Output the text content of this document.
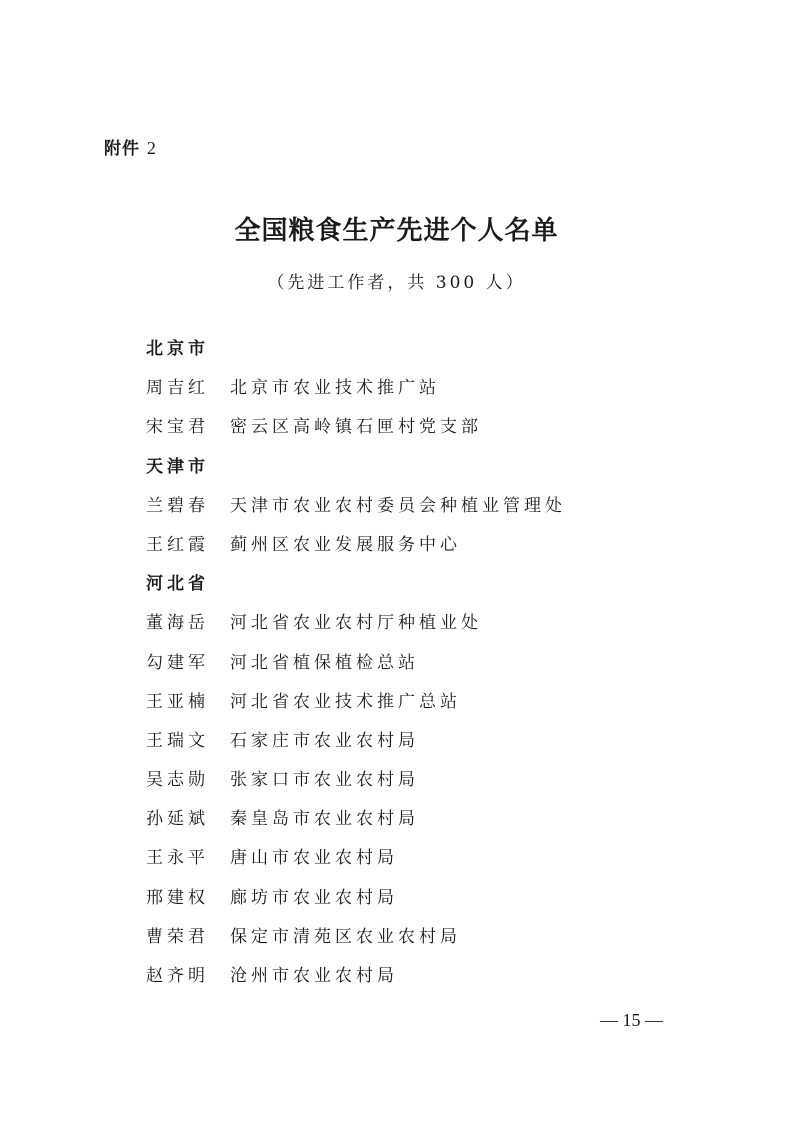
附件 2
全国粮食生产先进个人名单
（先进工作者，共 300 人）
北京市
周吉红 北京市农业技术推广站
宋宝君 密云区高岭镇石匣村党支部
天津市
兰碧春 天津市农业农村委员会种植业管理处
王红霞 蓟州区农业发展服务中心
河北省
董海岳 河北省农业农村厅种植业处
勾建军 河北省植保植检总站
王亚楠 河北省农业技术推广总站
王瑞文 石家庄市农业农村局
吴志勋 张家口市农业农村局
孙延斌 秦皇岛市农业农村局
王永平 唐山市农业农村局
邢建权 廊坊市农业农村局
曹荣君 保定市清苑区农业农村局
赵齐明 沧州市农业农村局
— 15 —
